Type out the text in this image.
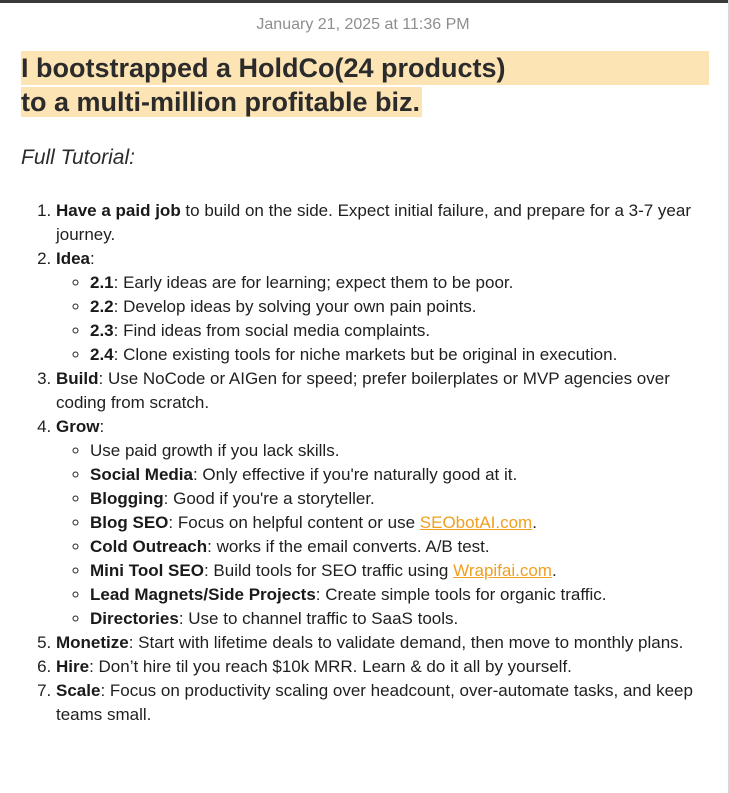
January 21, 2025 at 11:36 PM
I bootstrapped a HoldCo(24 products)
to a multi-million profitable biz.
Full Tutorial:
1. Have a paid job to build on the side. Expect initial failure, and prepare for a 3-7 year journey.
2. Idea:
◦ 2.1: Early ideas are for learning; expect them to be poor.
◦ 2.2: Develop ideas by solving your own pain points.
◦ 2.3: Find ideas from social media complaints.
◦ 2.4: Clone existing tools for niche markets but be original in execution.
3. Build: Use NoCode or AIGen for speed; prefer boilerplates or MVP agencies over coding from scratch.
4. Grow:
◦ Use paid growth if you lack skills.
◦ Social Media: Only effective if you're naturally good at it.
◦ Blogging: Good if you're a storyteller.
◦ Blog SEO: Focus on helpful content or use SEObotAI.com.
◦ Cold Outreach: works if the email converts. A/B test.
◦ Mini Tool SEO: Build tools for SEO traffic using Wrapifai.com.
◦ Lead Magnets/Side Projects: Create simple tools for organic traffic.
◦ Directories: Use to channel traffic to SaaS tools.
5. Monetize: Start with lifetime deals to validate demand, then move to monthly plans.
6. Hire: Don’t hire til you reach $10k MRR. Learn & do it all by yourself.
7. Scale: Focus on productivity scaling over headcount, over-automate tasks, and keep teams small.
